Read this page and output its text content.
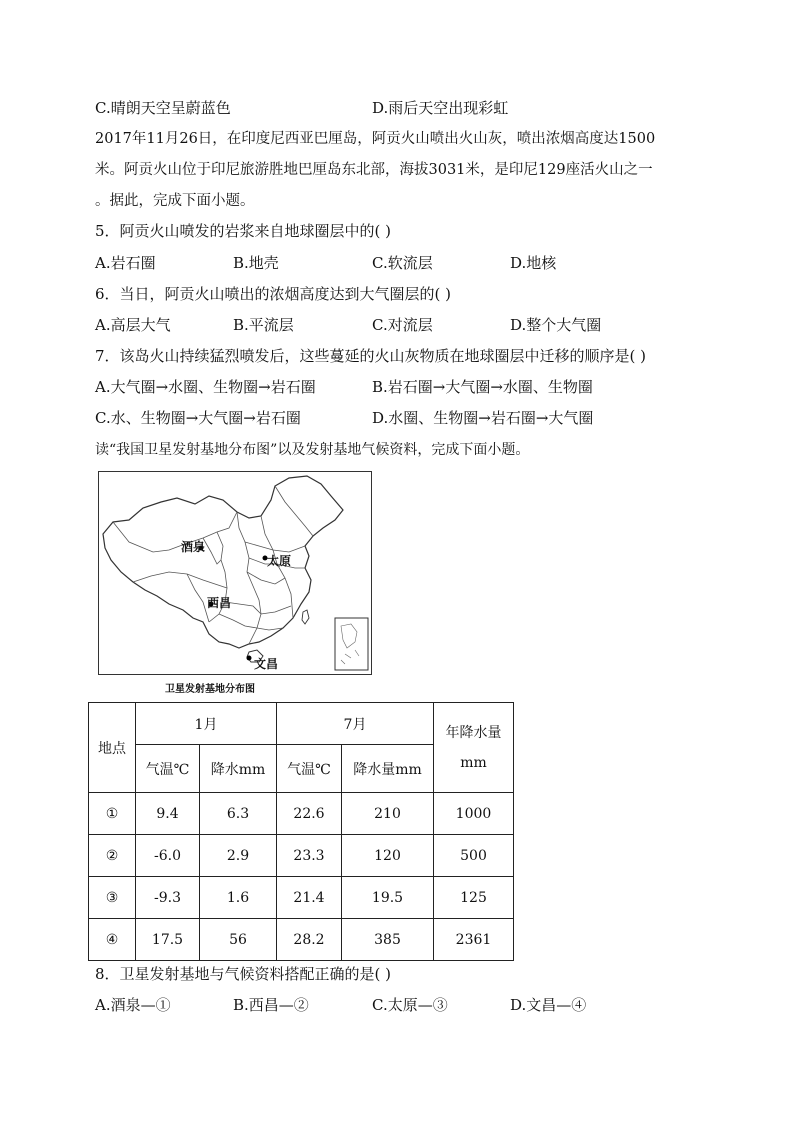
C.晴朗天空呈蔚蓝色	D.雨后天空出现彩虹
2017年11月26日，在印度尼西亚巴厘岛，阿贡火山喷出火山灰，喷出浓烟高度达1500
米。阿贡火山位于印尼旅游胜地巴厘岛东北部，海拔3031米，是印尼129座活火山之一
。据此，完成下面小题。
5．阿贡火山喷发的岩浆来自地球圈层中的( )
A.岩石圈	B.地壳	C.软流层	D.地核
6．当日，阿贡火山喷出的浓烟高度达到大气圈层的( )
A.高层大气	B.平流层	C.对流层	D.整个大气圈
7．该岛火山持续猛烈喷发后，这些蔓延的火山灰物质在地球圈层中迁移的顺序是( )
A.大气圈→水圈、生物圈→岩石圈	B.岩石圈→大气圈→水圈、生物圈
C.水、生物圈→大气圈→岩石圈	D.水圈、生物圈→岩石圈→大气圈
读“我国卫星发射基地分布图”以及发射基地气候资料，完成下面小题。
酒泉
太原
西昌
文昌
卫星发射基地分布图
地点	1月		7月		年降水量
mm

	气温℃	降水mm	气温℃	降水量mm	
①	9.4	6.3	22.6	210	1000
②	-6.0	2.9	23.3	120	500
③	-9.3	1.6	21.4	19.5	125
④	17.5	56	28.2	385	2361
8．卫星发射基地与气候资料搭配正确的是( )
A.酒泉—①	B.西昌—②	C.太原—③	D.文昌—④
